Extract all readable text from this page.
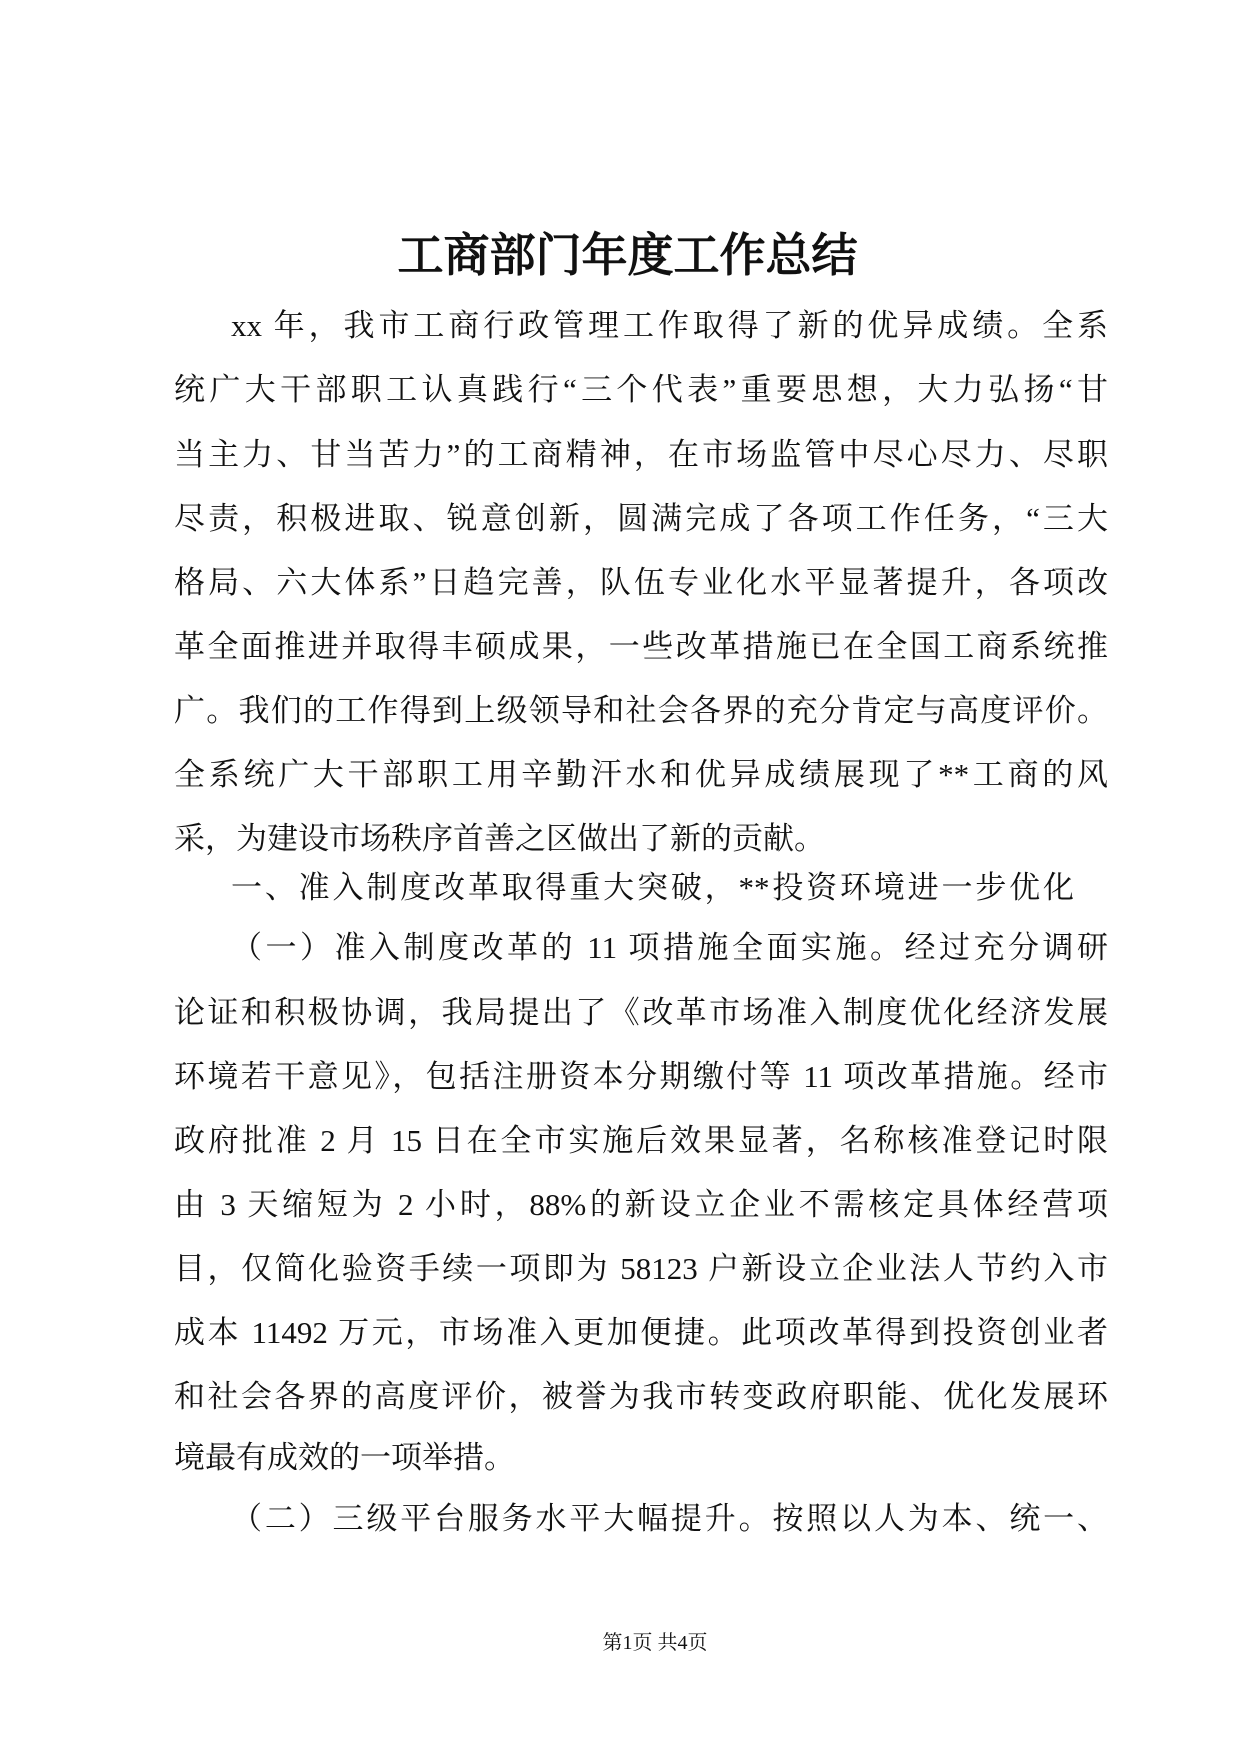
工商部门年度工作总结
xx 年，我市工商行政管理工作取得了新的优异成绩。全系
统广大干部职工认真践行“三个代表”重要思想，大力弘扬“甘
当主力、甘当苦力”的工商精神，在市场监管中尽心尽力、尽职
尽责，积极进取、锐意创新，圆满完成了各项工作任务，“三大
格局、六大体系”日趋完善，队伍专业化水平显著提升，各项改
革全面推进并取得丰硕成果，一些改革措施已在全国工商系统推
广。我们的工作得到上级领导和社会各界的充分肯定与高度评价。
全系统广大干部职工用辛勤汗水和优异成绩展现了**工商的风
采，为建设市场秩序首善之区做出了新的贡献。
一、准入制度改革取得重大突破，**投资环境进一步优化
（一）准入制度改革的 11 项措施全面实施。经过充分调研
论证和积极协调，我局提出了《改革市场准入制度优化经济发展
环境若干意见》，包括注册资本分期缴付等 11 项改革措施。经市
政府批准 2 月 15 日在全市实施后效果显著，名称核准登记时限
由 3 天缩短为 2 小时，88%的新设立企业不需核定具体经营项
目，仅简化验资手续一项即为 58123 户新设立企业法人节约入市
成本 11492 万元，市场准入更加便捷。此项改革得到投资创业者
和社会各界的高度评价，被誉为我市转变政府职能、优化发展环
境最有成效的一项举措。
（二）三级平台服务水平大幅提升。按照以人为本、统一、
第1页 共4页
